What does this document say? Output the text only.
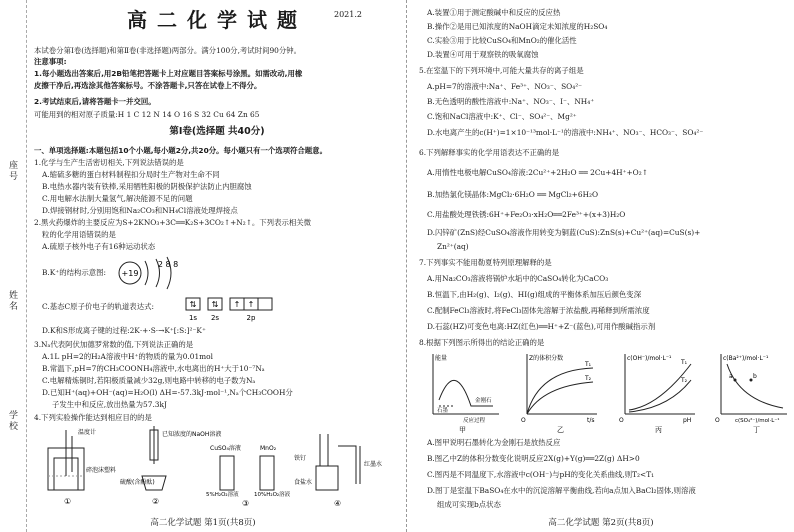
座号
姓名
学校
高二化学试题	2021.2
本试卷分第Ⅰ卷(选择题)和第Ⅱ卷(非选择题)两部分。满分100分,考试时间90分钟。
注意事项:
1.每小题选出答案后,用2B铅笔把答题卡上对应题目答案标号涂黑。如需改动,用橡
皮擦干净后,再选涂其他答案标号。不涂答题卡,只答在试卷上不得分。
2.考试结束后,请将答题卡一并交回。
可能用到的相对原子质量:H 1 C 12 N 14 O 16 S 32 Cu 64 Zn 65
第Ⅰ卷(选择题 共40分)
一、单项选择题:本题包括10个小题,每小题2分,共20分。每小题只有一个选项符合题意。
1.化学与生产生活密切相关,下列说法错误的是
A.缩硫多糖的蛋白材料制程扣分局时生产物对生命不同
B.电热水器内装有铁棒,采用牺牲阳极的阴极保护法防止内胆腐蚀
C.用电解水法制大量氢气,解决能源不足的问题
D.焊接钢材时,分别用饱和Na₂CO₃和NH₄Cl溶液处理焊接点
2.黑火药爆炸的主要反应为S+2KNO₃+3C══K₂S+3CO₂↑+N₂↑。下列表示相关微
粒的化学用语错误的是
A.硫原子核外电子有16种运动状态
B.K⁺的结构示意图: +19
2 8 8
C.基态C原子价电子的轨道表达式:	⇅ ⇅ ↑ ↑
1s 2s	2p
D.K和S形成离子键的过程:2K·+·S·→K⁺[:S:]²⁻K⁺
3.Nₐ代表阿伏加德罗常数的值,下列说法正确的是
A.1L pH=2的H₂A溶液中H⁺的物质的量为0.01mol
B.常温下,pH=7的CH₃COONH₄溶液中,水电离出的H⁺大于10⁻⁷Nₐ
C.电解精炼铜时,若阳极质量减少32g,则电路中转移的电子数为Nₐ
D.已知H⁺(aq)+OH⁻(aq)=H₂O(l) ΔH=-57.3kJ·mol⁻¹,Nₐ个CH₃COOH分
子发生中和反应,放出热量为57.3kJ
4.下列实验操作能达到相应目的的是
温度计
碎泡沫塑料
①
已知浓度的NaOH溶液
硫酸(含酚酞)
②
CuSO₄溶液	MnO₂
5%H₂O₂溶液	10%H₂O₂溶液
③
铁钉
红墨水
食盐水
④
高二化学试题 第1页(共8页)
A.装置①用于测定酸碱中和反应的反应热
B.操作②是用已知浓度的NaOH滴定未知浓度的H₂SO₄
C.实验③用于比较CuSO₄和MnO₂的催化活性
D.装置④可用于观察铁的吸氧腐蚀
5.在室温下的下列环境中,可能大量共存的离子组是
A.pH=7的溶液中:Na⁺、Fe³⁺、NO₃⁻、SO₄²⁻
B.无色透明的酸性溶液中:Na⁺、NO₃⁻、I⁻、NH₄⁺
C.饱和NaCl溶液中:K⁺、Cl⁻、SO₄²⁻、Mg²⁺
D.水电离产生的c(H⁺)=1×10⁻¹³mol·L⁻¹的溶液中:NH₄⁺、NO₃⁻、HCO₃⁻、SO₄²⁻
6.下列解释事实的化学用语表达不正确的是
A.用惰性电极电解CuSO₄溶液:2Cu²⁺+2H₂O ══ 2Cu+4H⁺+O₂↑
B.加热氯化镁晶体:MgCl₂·6H₂O ══ MgCl₂+6H₂O
C.用盐酸处理铁锈:6H⁺+Fe₂O₃·xH₂O══2Fe³⁺+(x+3)H₂O
D.闪锌矿(ZnS)经CuSO₄溶液作用转变为铜蓝(CuS):ZnS(s)+Cu²⁺(aq)=CuS(s)+
Zn²⁺(aq)
7.下列事实不能用勒夏特列原理解释的是
A.用Na₂CO₃溶液将锅炉水垢中的CaSO₄转化为CaCO₃
B.恒温下,由H₂(g)、I₂(g)、HI(g)组成的平衡体系加压后颜色变深
C.配制FeCl₃溶液时,将FeCl₃固体先溶解于浓盐酸,再稀释到所需浓度
D.石蕊(HZ)可变色电离:HZ(红色)══H⁺+Z⁻(蓝色),可用作酸碱指示剂
8.根据下列图示所得出的结论正确的是
能量
石墨
金刚石
反应过程
甲
Z的体积分数
T₁
T₂
O	t/s
乙
c(OH⁻)/mol·L⁻¹
T₁
T₂
O	pH
丙
c(Ba²⁺)/mol·L⁻¹
a	b
O	c(SO₄²⁻)/mol·L⁻¹
丁
A.图甲说明石墨转化为金刚石是放热反应
B.图乙中Z的体积分数变化说明反应2X(g)+Y(g)══2Z(g) ΔH>0
C.图丙是不同温度下,水溶液中c(OH⁻)与pH的变化关系曲线,则T₂<T₁
D.图丁是室温下BaSO₄在水中的沉淀溶解平衡曲线,若向a点加入BaCl₂固体,则溶液
组成可实现b点状态
高二化学试题 第2页(共8页)
